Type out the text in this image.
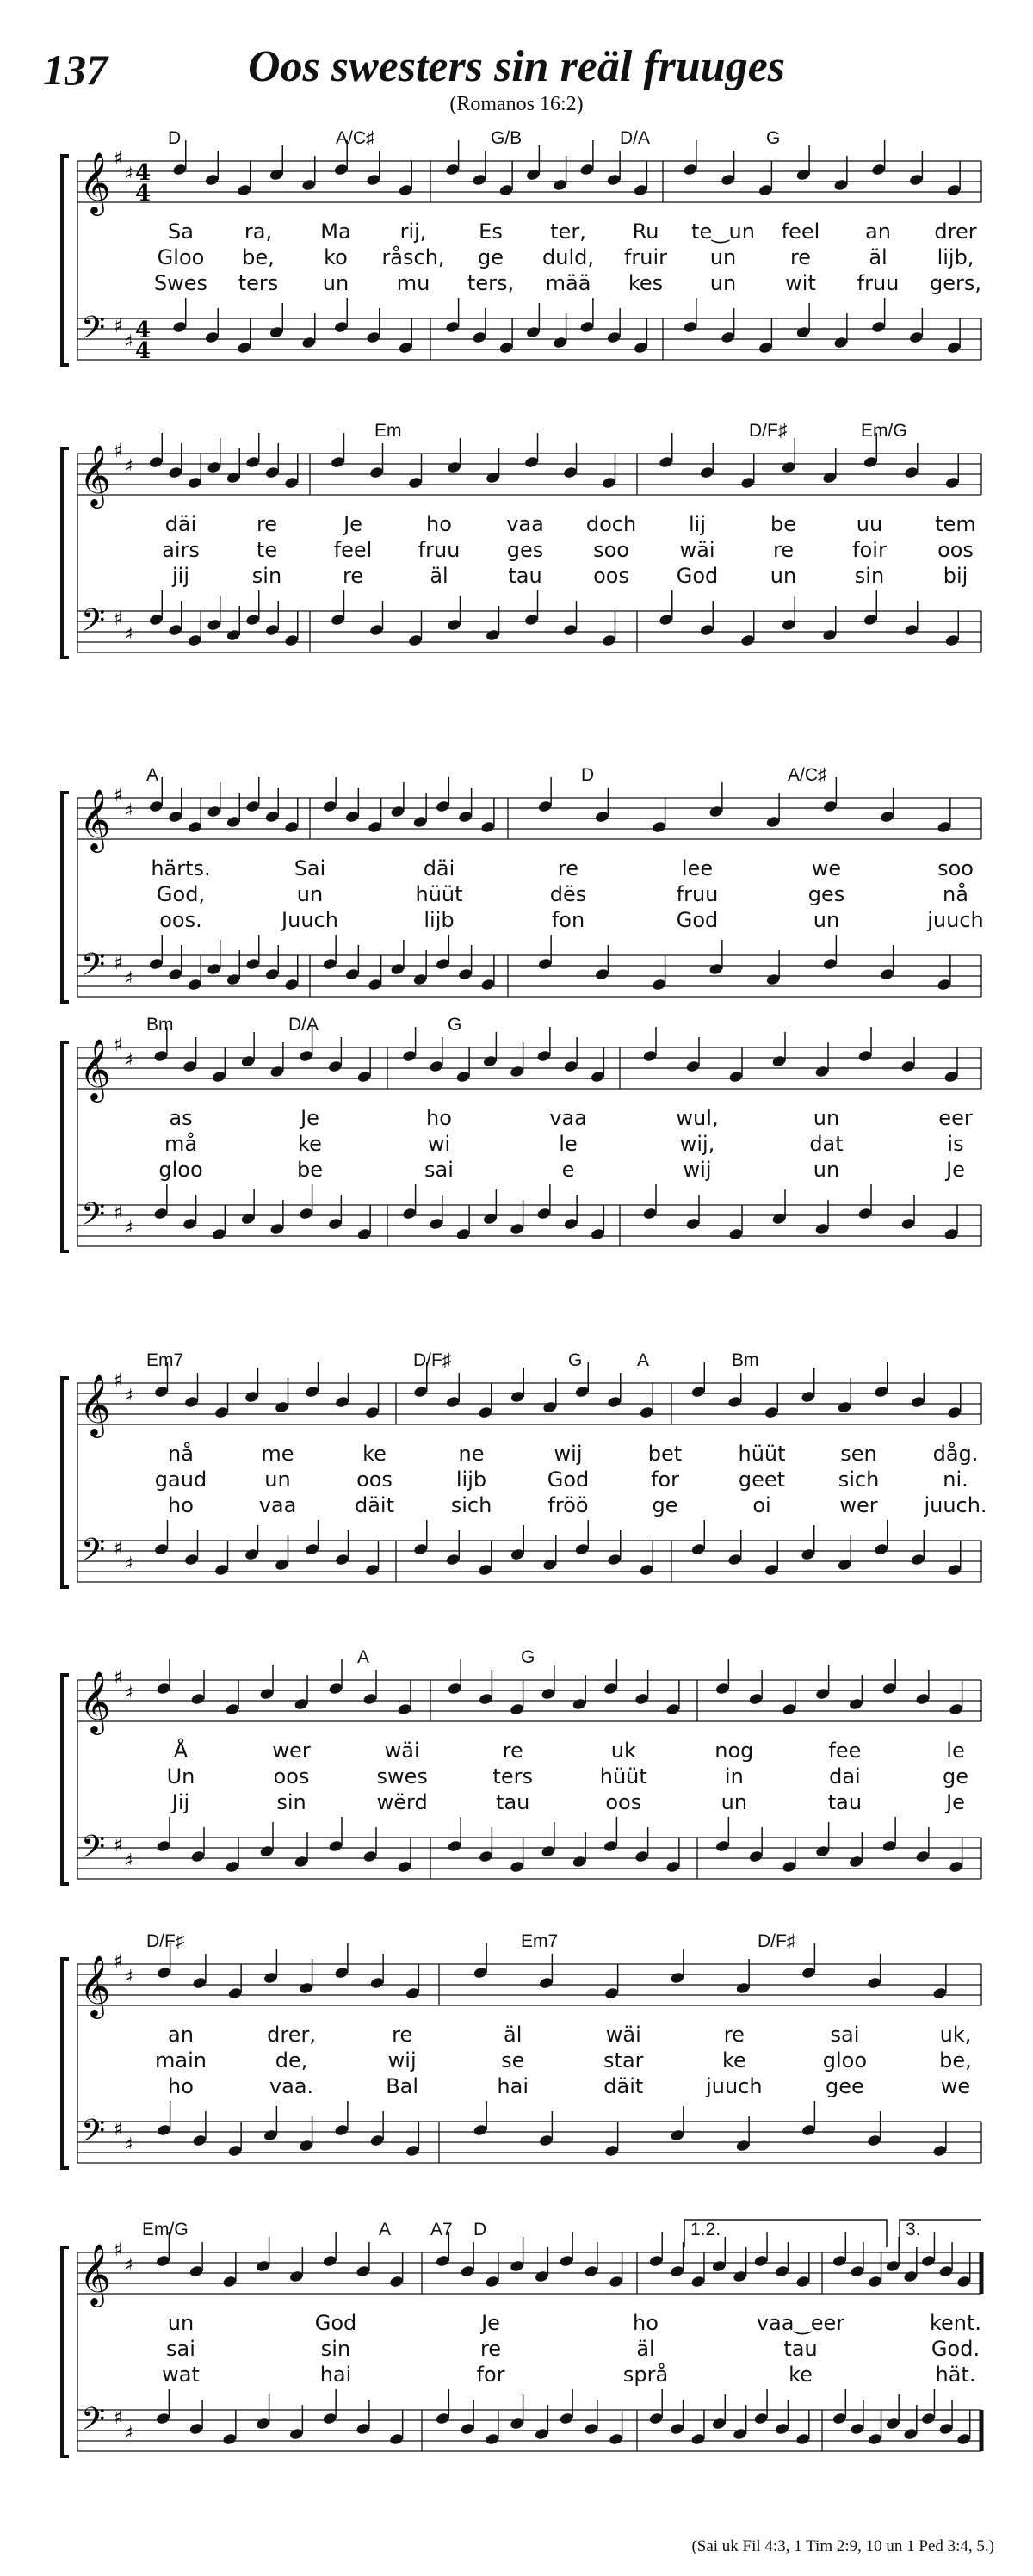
137	Oos swesters sin reäl fruuges
(Romanos 16:2)
𝄞
𝄢
♯
♯
♯
♯
4
4
4
4
D	A/C♯	G/B	D/A	G
Sa ra, Ma rij,	Es ter, Ru te‿un feel an drer
Gloo be, ko råsch, ge duld, fruir un	re	äl lijb,
Swes ters un mu ters, mää kes un wit fruu gers,
𝄞
𝄢
♯
♯
♯
♯
Em	D/F♯	Em/G
däi	re	Je	ho	vaa doch	lij	be	uu	tem
airs	te	feel fruu ges soo wäi	re	foir oos
jij	sin	re	äl	tau oos God	un	sin	bij
𝄞
𝄢
♯
♯
♯
♯
A	D	A/C♯
härts.	Sai	däi	re	lee	we	soo
God,	un	hüüt	dës	fruu	ges	nå
oos.	Juuch	lijb	fon	God	un	juuch
𝄞
𝄢
♯
♯
♯
♯
Bm	D/A	G
as	Je	ho	vaa	wul,	un	eer
må	ke	wi	le	wij,	dat	is
gloo	be	sai	e	wij	un	Je
𝄞
𝄢
♯
♯
♯
♯
Em7	D/F♯	G	A	Bm
nå	me	ke	ne	wij	bet	hüüt	sen	dåg.
gaud	un	oos	lijb	God	for	geet	sich	ni.
ho	vaa	däit	sich	fröö	ge	oi	wer juuch.
𝄞
𝄢
♯
♯
♯
♯
A	G
Å	wer	wäi	re	uk	nog	fee	le
Un	oos	swes	ters	hüüt	in	dai	ge
Jij	sin	wërd	tau	oos	un	tau	Je
𝄞
𝄢
♯
♯
♯
♯
D/F♯	Em7	D/F♯
an	drer,	re	äl	wäi	re	sai	uk,
main	de,	wij	se	star	ke	gloo	be,
ho	vaa.	Bal	hai	däit	juuch	gee	we
𝄞
𝄢
♯
♯
♯
♯
1.2.	3.
Em/G	A A7 D
un	God	Je	ho	vaa‿eer	kent.
sai	sin	re	äl	tau	God.
wat	hai	for	språ	ke	hät.
(Sai uk Fil 4:3, 1 Tim 2:9, 10 un 1 Ped 3:4, 5.)
